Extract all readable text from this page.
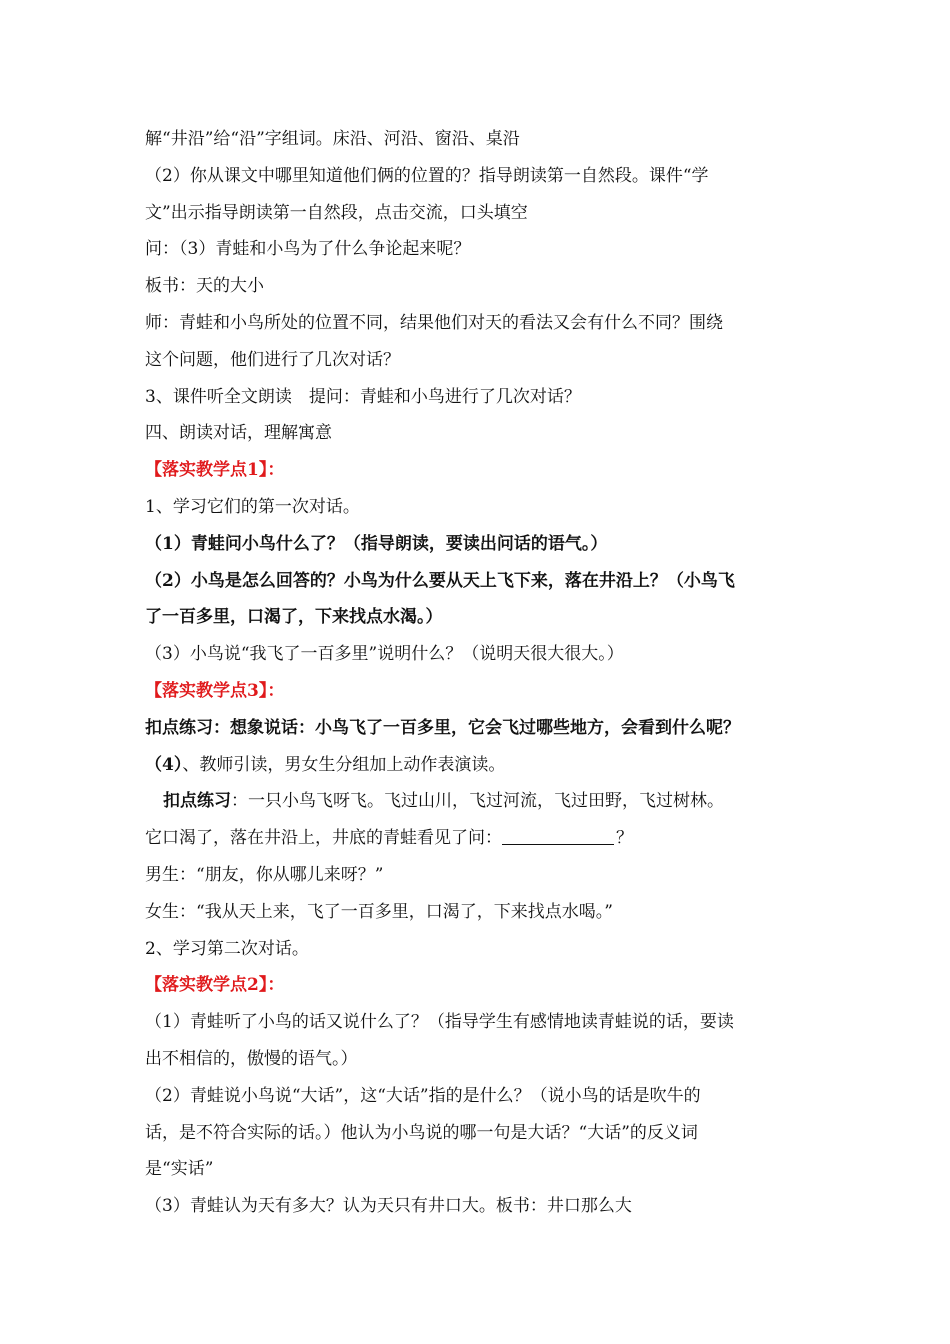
解“井沿”给“沿”字组词。床沿、河沿、窗沿、桌沿
（2）你从课文中哪里知道他们俩的位置的？指导朗读第一自然段。课件“学
文”出示指导朗读第一自然段，点击交流，口头填空
问：（3）青蛙和小鸟为了什么争论起来呢？
板书：天的大小
师：青蛙和小鸟所处的位置不同，结果他们对天的看法又会有什么不同？围绕
这个问题，他们进行了几次对话？
3、课件听全文朗读　提问：青蛙和小鸟进行了几次对话？
四、朗读对话，理解寓意
【落实教学点1】：
1、学习它们的第一次对话。
（1）青蛙问小鸟什么了？（指导朗读，要读出问话的语气。）
（2）小鸟是怎么回答的？小鸟为什么要从天上飞下来，落在井沿上？（小鸟飞
了一百多里，口渴了，下来找点水渴。）
（3）小鸟说“我飞了一百多里”说明什么？（说明天很大很大。）
【落实教学点3】：
扣点练习：想象说话：小鸟飞了一百多里，它会飞过哪些地方，会看到什么呢？
（4）、教师引读，男女生分组加上动作表演读。
扣点练习：一只小鸟飞呀飞。飞过山川，飞过河流，飞过田野，飞过树林。
它口渴了，落在井沿上，井底的青蛙看见了问：	？
男生：“朋友，你从哪儿来呀？”
女生：“我从天上来，飞了一百多里，口渴了，下来找点水喝。”
2、学习第二次对话。
【落实教学点2】：
（1）青蛙听了小鸟的话又说什么了？（指导学生有感情地读青蛙说的话，要读
出不相信的，傲慢的语气。）
（2）青蛙说小鸟说“大话”，这“大话”指的是什么？（说小鸟的话是吹牛的
话，是不符合实际的话。）他认为小鸟说的哪一句是大话？“大话”的反义词
是“实话”
（3）青蛙认为天有多大？认为天只有井口大。板书：井口那么大
